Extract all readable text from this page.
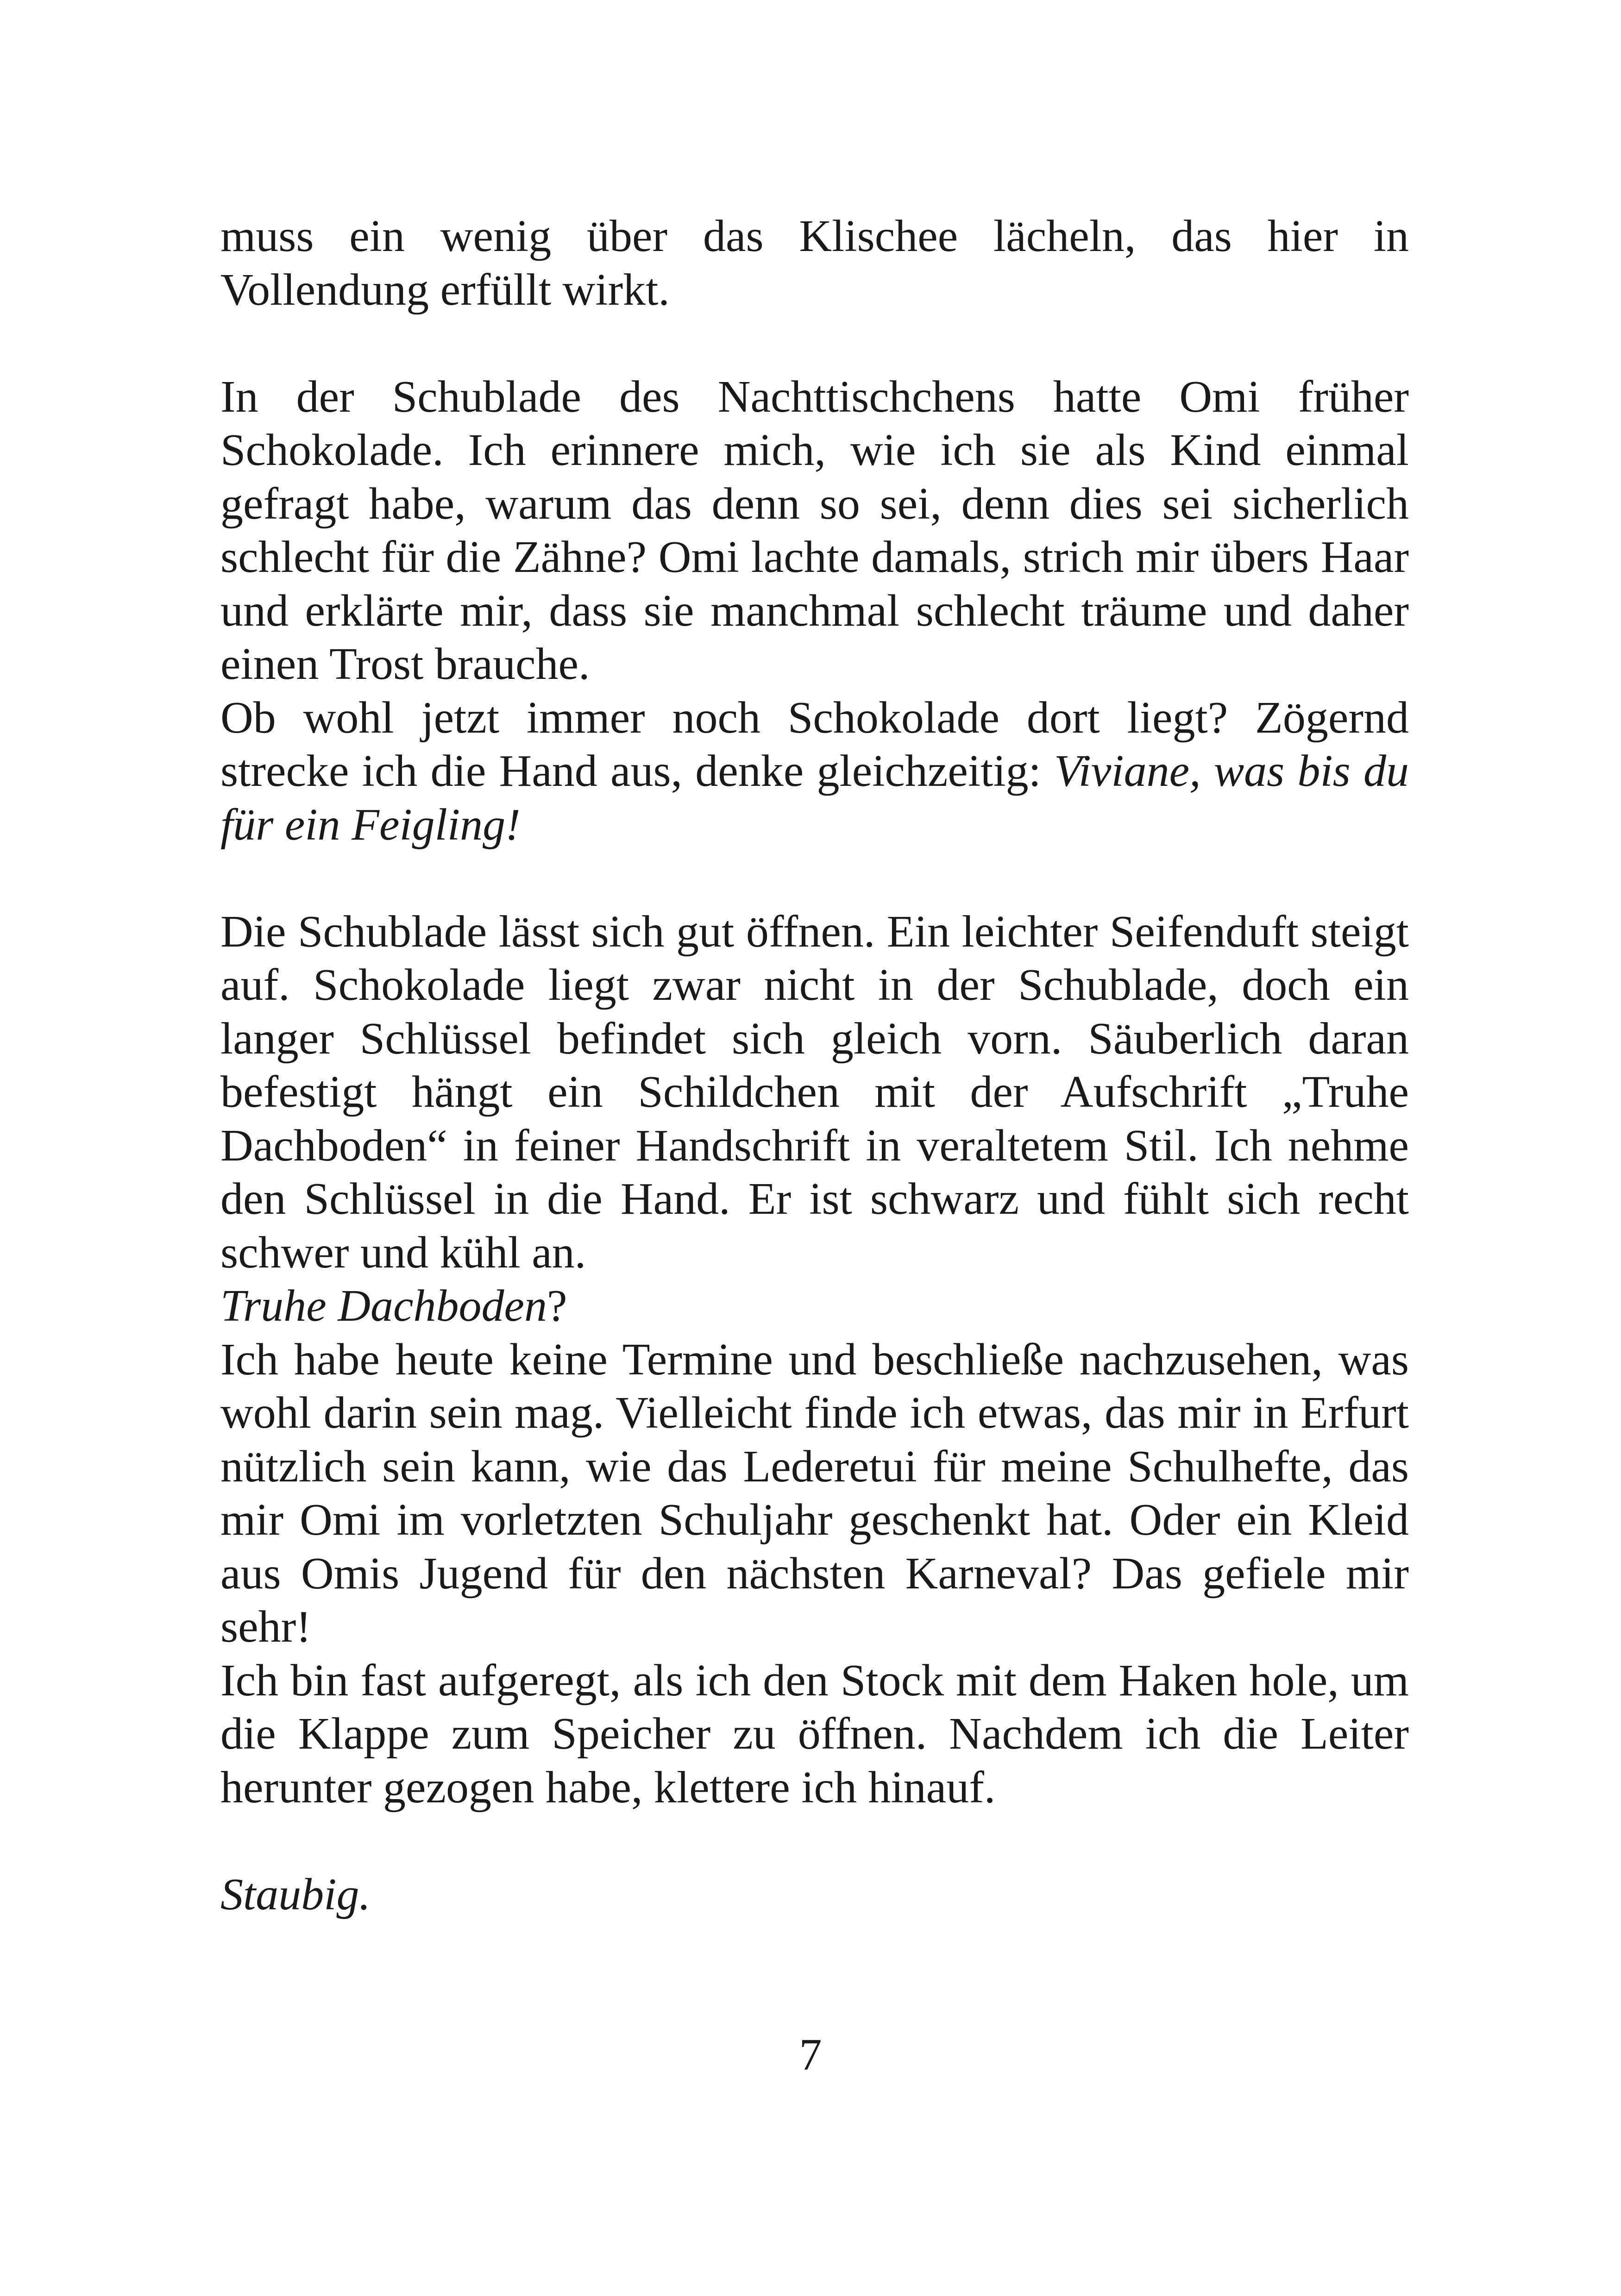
muss ein wenig über das Klischee lächeln, das hier in Vollendung erfüllt wirkt.

In der Schublade des Nachttischchens hatte Omi früher Schokolade. Ich erinnere mich, wie ich sie als Kind einmal gefragt habe, warum das denn so sei, denn dies sei sicherlich schlecht für die Zähne? Omi lachte damals, strich mir übers Haar und erklärte mir, dass sie manchmal schlecht träume und daher einen Trost brauche.

Ob wohl jetzt immer noch Schokolade dort liegt? Zögernd strecke ich die Hand aus, denke gleichzeitig: Viviane, was bis du für ein Feigling!

Die Schublade lässt sich gut öffnen. Ein leichter Seifenduft steigt auf. Schokolade liegt zwar nicht in der Schublade, doch ein langer Schlüssel befindet sich gleich vorn. Säuberlich daran befestigt hängt ein Schildchen mit der Aufschrift „Truhe Dachboden“ in feiner Handschrift in veraltetem Stil. Ich nehme den Schlüssel in die Hand. Er ist schwarz und fühlt sich recht schwer und kühl an.

Truhe Dachboden?

Ich habe heute keine Termine und beschließe nachzusehen, was wohl darin sein mag. Vielleicht finde ich etwas, das mir in Erfurt nützlich sein kann, wie das Lederetui für meine Schulhefte, das mir Omi im vorletzten Schuljahr geschenkt hat. Oder ein Kleid aus Omis Jugend für den nächsten Karneval? Das gefiele mir sehr!

Ich bin fast aufgeregt, als ich den Stock mit dem Haken hole, um die Klappe zum Speicher zu öffnen. Nachdem ich die Leiter herunter gezogen habe, klettere ich hinauf.

Staubig.

7
